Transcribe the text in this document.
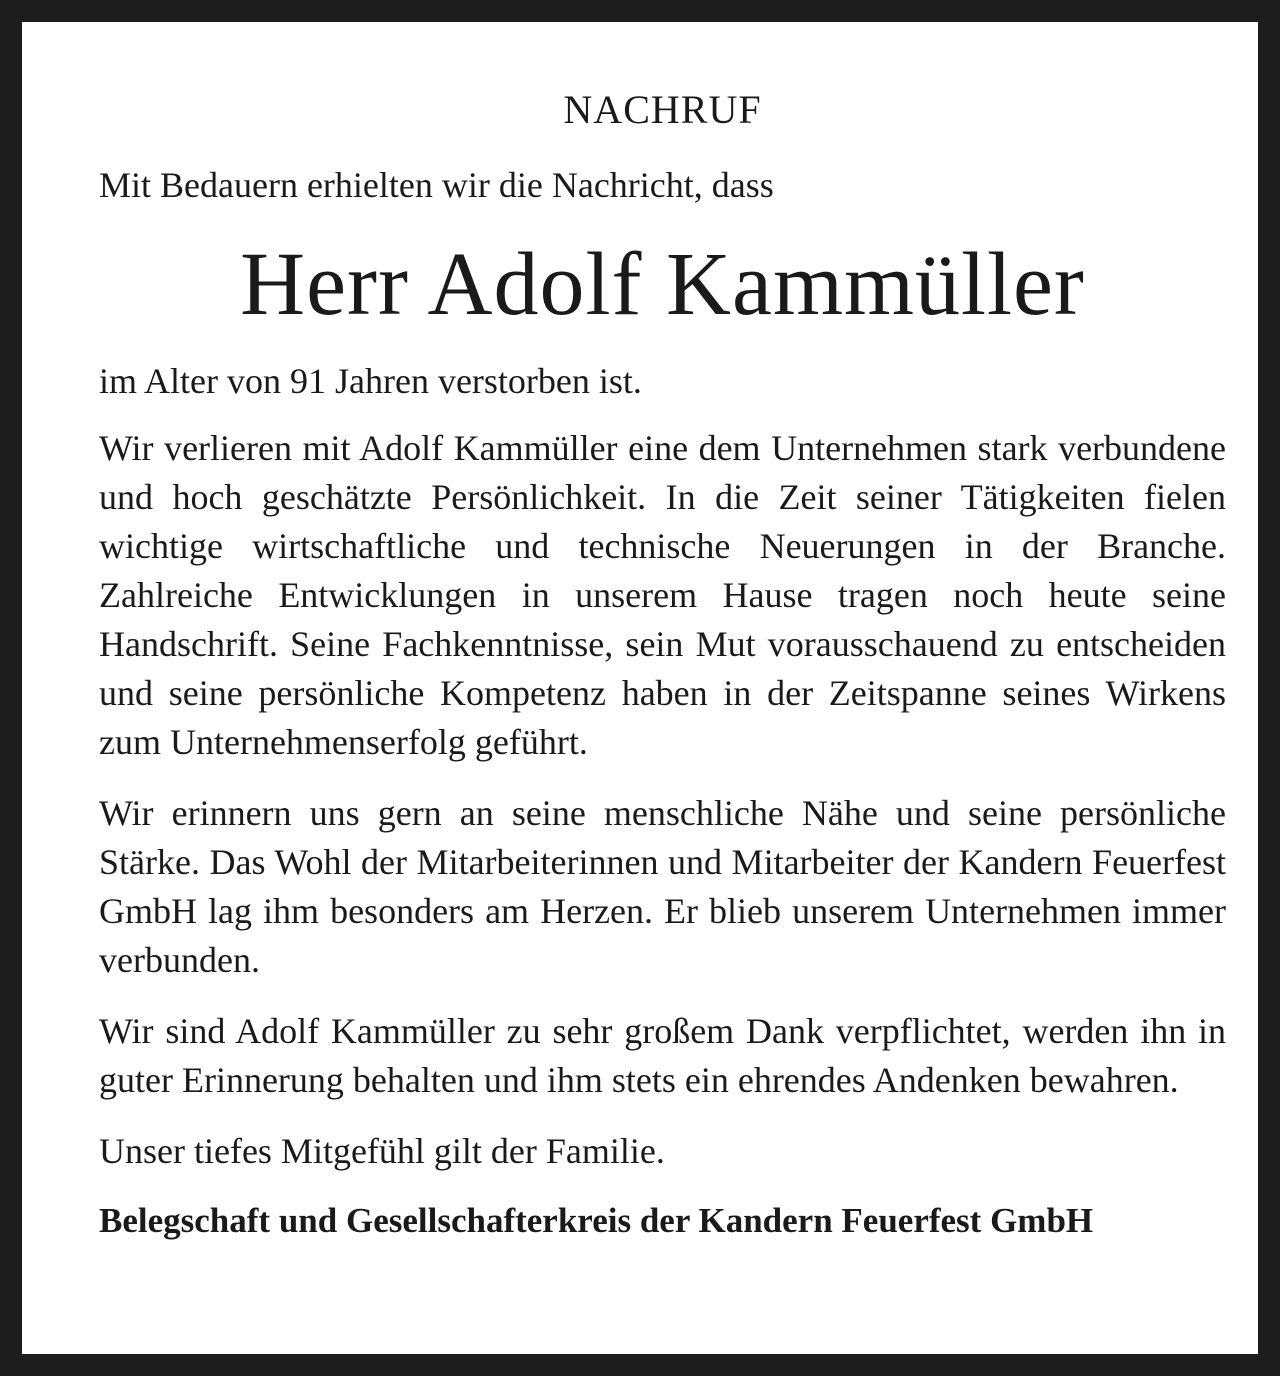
NACHRUF
Mit Bedauern erhielten wir die Nachricht, dass
Herr Adolf Kammüller
im Alter von 91 Jahren verstorben ist.

Wir verlieren mit Adolf Kammüller eine dem Unternehmen stark verbundene und hoch geschätzte Persönlichkeit. In die Zeit seiner Tätigkeiten fielen wichtige wirtschaftliche und technische Neuerungen in der Branche. Zahlreiche Entwicklungen in unserem Hause tragen noch heute seine Handschrift. Seine Fachkenntnisse, sein Mut vorausschauend zu entscheiden und seine persönliche Kompetenz haben in der Zeitspanne seines Wirkens zum Unternehmenserfolg geführt.

Wir erinnern uns gern an seine menschliche Nähe und seine persönliche Stärke. Das Wohl der Mitarbeiterinnen und Mitarbeiter der Kandern Feuerfest GmbH lag ihm besonders am Herzen. Er blieb unserem Unternehmen immer verbunden.

Wir sind Adolf Kammüller zu sehr großem Dank verpflichtet, werden ihn in guter Erinnerung behalten und ihm stets ein ehrendes Andenken bewahren.

Unser tiefes Mitgefühl gilt der Familie.

Belegschaft und Gesellschafterkreis der Kandern Feuerfest GmbH
